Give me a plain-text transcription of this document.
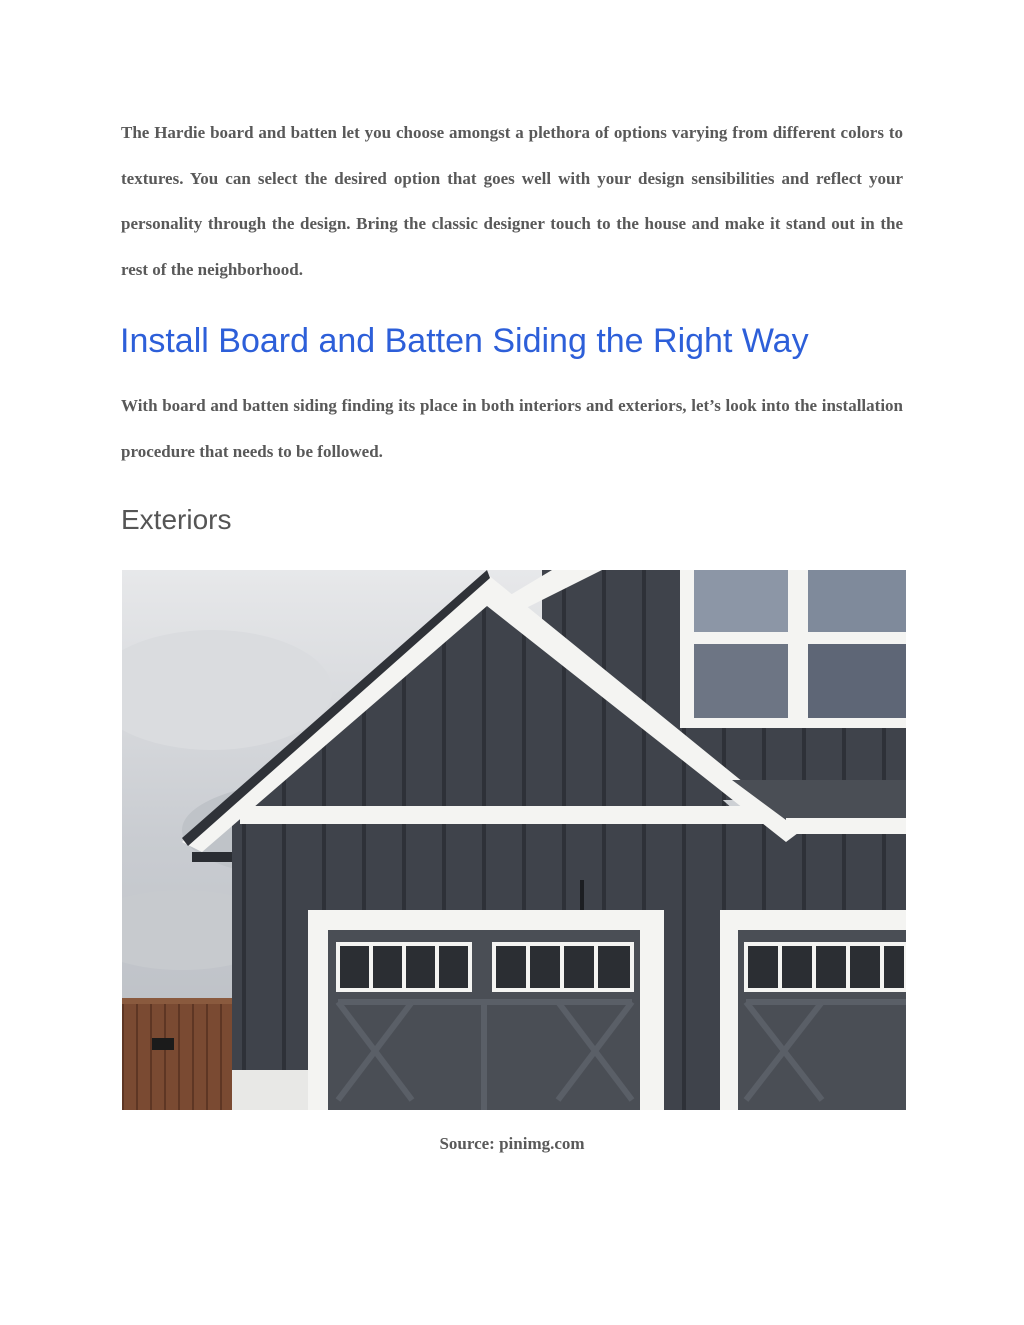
The Hardie board and batten let you choose amongst a plethora of options varying from different colors to textures. You can select the desired option that goes well with your design sensibilities and reflect your personality through the design. Bring the classic designer touch to the house and make it stand out in the rest of the neighborhood.

Install Board and Batten Siding the Right Way

With board and batten siding finding its place in both interiors and exteriors, let’s look into the installation procedure that needs to be followed.

Exteriors
Source: pinimg.com
